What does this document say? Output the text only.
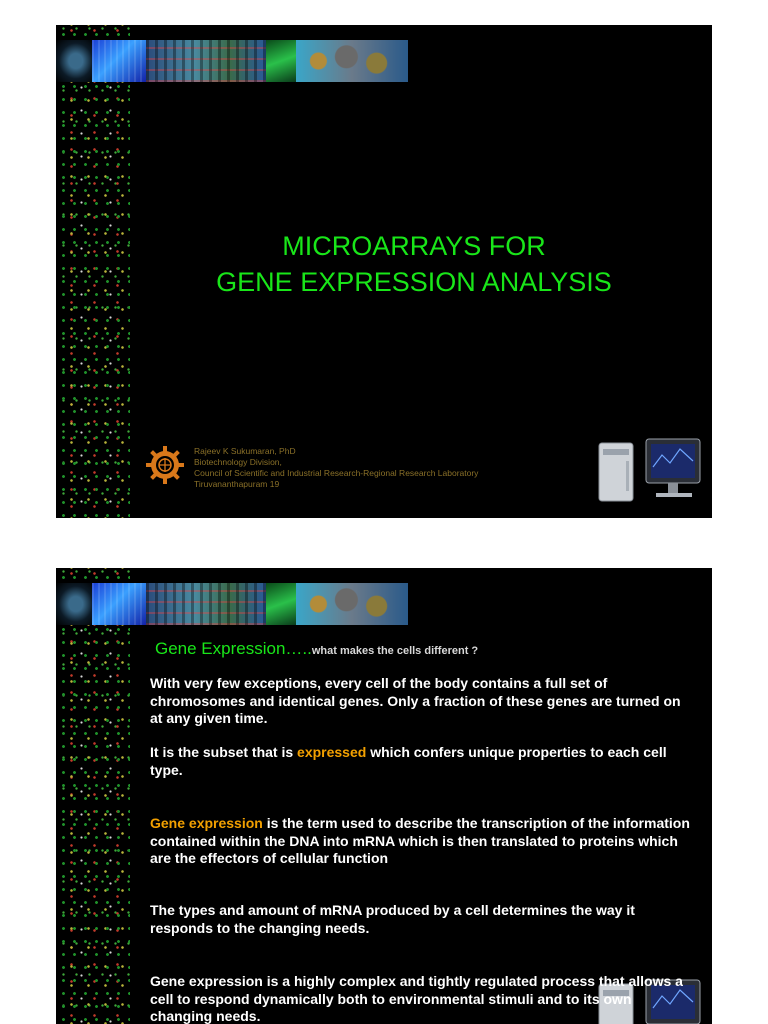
MICROARRAYS FOR
GENE EXPRESSION ANALYSIS
Rajeev K Sukumaran, PhD
Biotechnology Division,
Council of Scientific and Industrial Research-Regional Research Laboratory
Tiruvananthapuram 19
Gene Expression…..what makes the cells different ?
With very few exceptions, every cell of the body contains a full set of chromosomes and identical genes. Only a fraction of these genes are turned on at any given time.
It is the subset that is expressed which confers unique properties to each cell type.
Gene expression is the term used to describe the transcription of the information contained within the DNA into mRNA which is then translated to proteins which are the effectors of cellular function
The types and amount of mRNA produced by a cell determines the way it responds to the changing needs.
Gene expression is a highly complex and tightly regulated process that allows a cell to respond dynamically both to environmental stimuli and to its own changing needs.
